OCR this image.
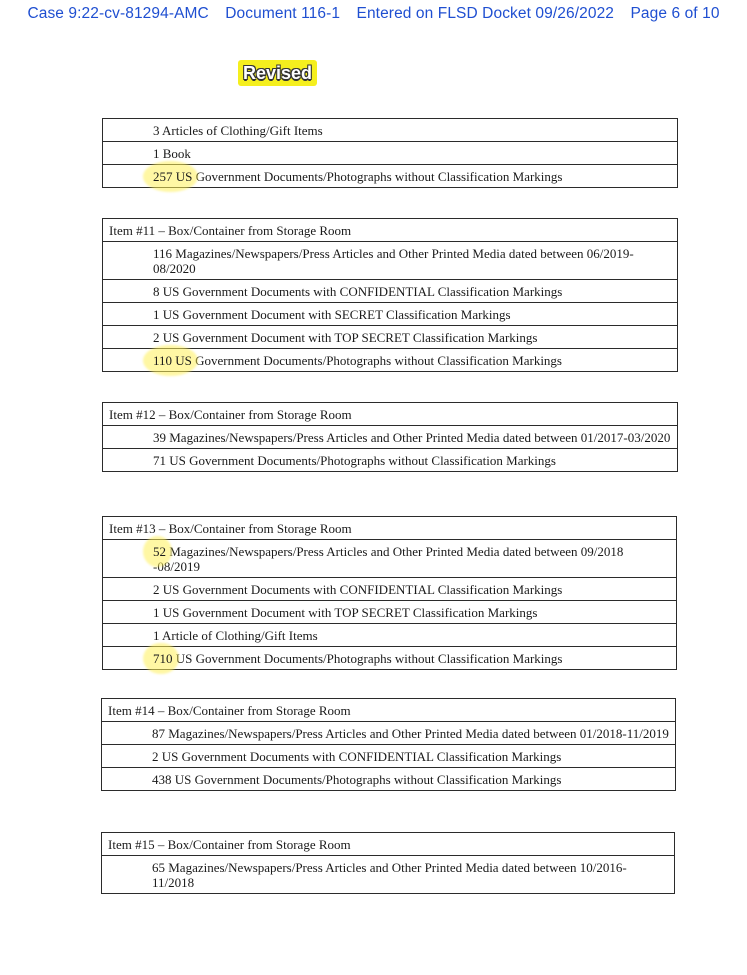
Case 9:22-cv-81294-AMC Document 116-1 Entered on FLSD Docket 09/26/2022 Page 6 of 10
Revised
3 Articles of Clothing/Gift Items
1 Book
257 US Government Documents/Photographs without Classification Markings
Item #11 – Box/Container from Storage Room
116 Magazines/Newspapers/Press Articles and Other Printed Media dated between 06/2019-08/2020
8 US Government Documents with CONFIDENTIAL Classification Markings
1 US Government Document with SECRET Classification Markings
2 US Government Document with TOP SECRET Classification Markings
110 US Government Documents/Photographs without Classification Markings
Item #12 – Box/Container from Storage Room
39 Magazines/Newspapers/Press Articles and Other Printed Media dated between 01/2017-03/2020
71 US Government Documents/Photographs without Classification Markings
Item #13 – Box/Container from Storage Room
52 Magazines/Newspapers/Press Articles and Other Printed Media dated between 09/2018 -08/2019
2 US Government Documents with CONFIDENTIAL Classification Markings
1 US Government Document with TOP SECRET Classification Markings
1 Article of Clothing/Gift Items
710 US Government Documents/Photographs without Classification Markings
Item #14 – Box/Container from Storage Room
87 Magazines/Newspapers/Press Articles and Other Printed Media dated between 01/2018-11/2019
2 US Government Documents with CONFIDENTIAL Classification Markings
438 US Government Documents/Photographs without Classification Markings
Item #15 – Box/Container from Storage Room
65 Magazines/Newspapers/Press Articles and Other Printed Media dated between 10/2016-11/2018
